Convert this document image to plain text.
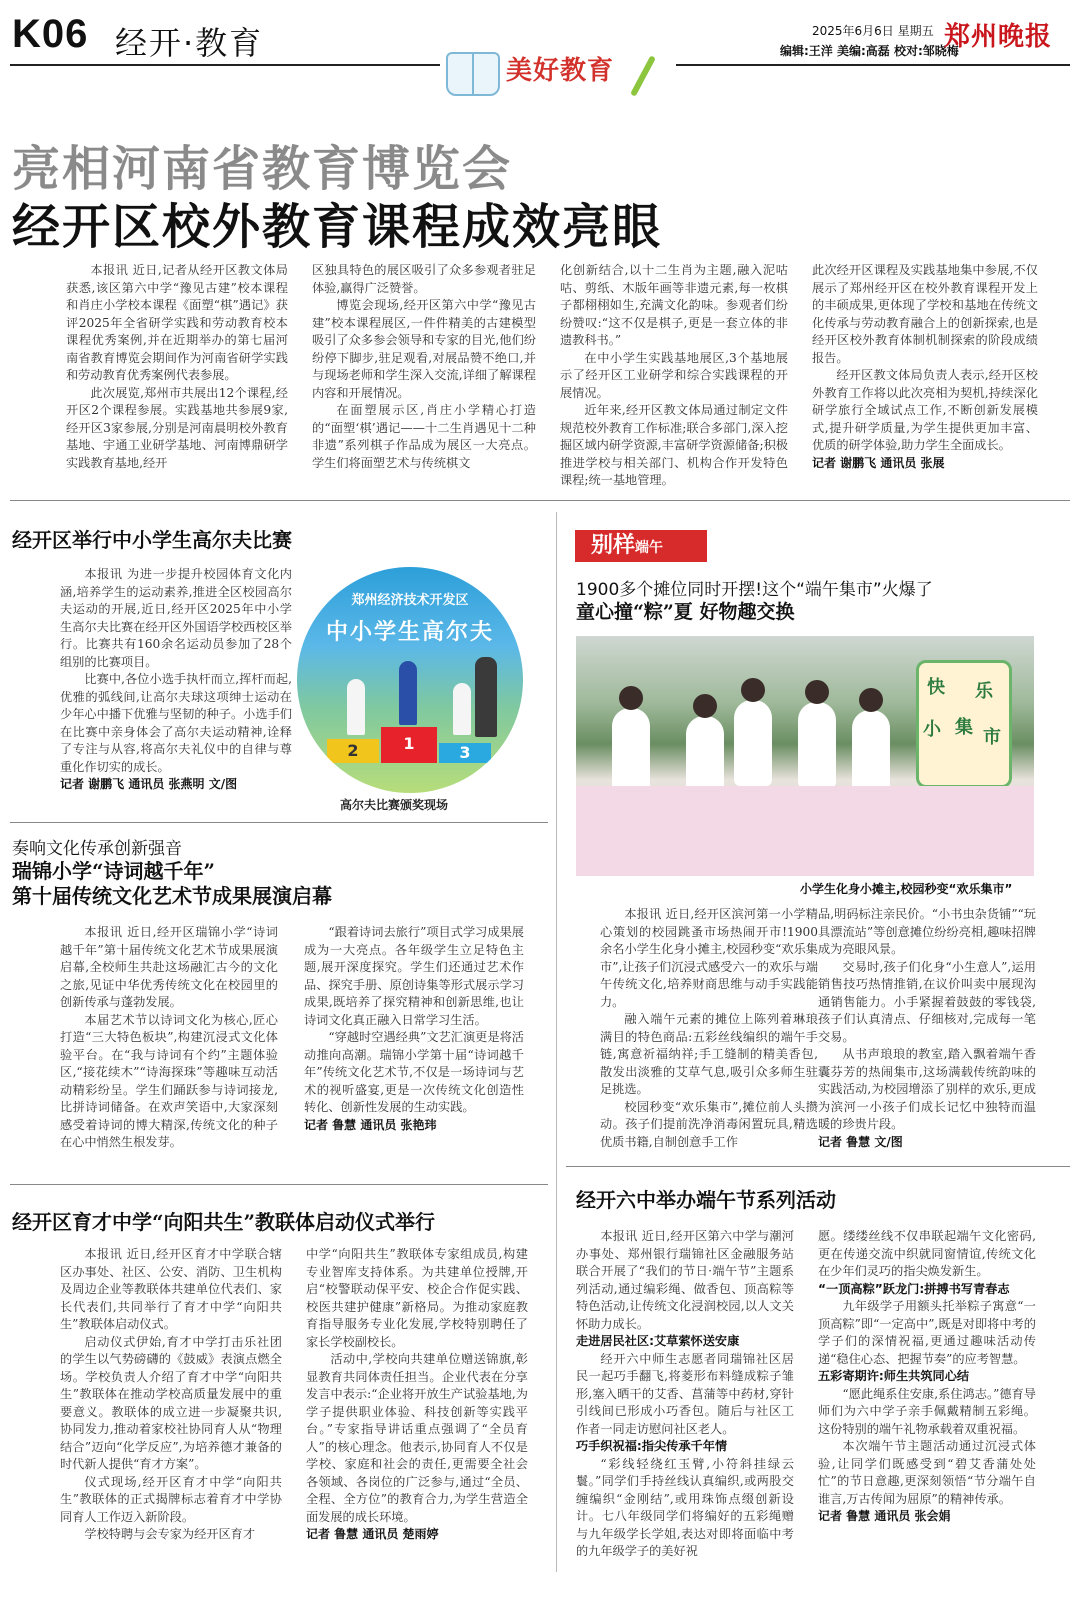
K06 经开·教育
美好教育
2025年6月6日 星期五
编辑:王洋 美编:高磊 校对:邹晓梅
郑州晚报
亮相河南省教育博览会
经开区校外教育课程成效亮眼

本报讯 近日,记者从经开区教文体局获悉,该区第六中学“豫见古建”校本课程和肖庄小学校本课程《面塑“棋”遇记》获评2025年全省研学实践和劳动教育校本课程优秀案例,并在近期举办的第七届河南省教育博览会期间作为河南省研学实践和劳动教育优秀案例代表参展。

此次展览,郑州市共展出12个课程,经开区2个课程参展。实践基地共参展9家,经开区3家参展,分别是河南晨明校外教育基地、宇通工业研学基地、河南博鼎研学实践教育基地,经开

区独具特色的展区吸引了众多参观者驻足体验,赢得广泛赞誉。

博览会现场,经开区第六中学“豫见古建”校本课程展区,一件件精美的古建模型吸引了众多参会领导和专家的目光,他们纷纷停下脚步,驻足观看,对展品赞不绝口,并与现场老师和学生深入交流,详细了解课程内容和开展情况。

在面塑展示区,肖庄小学精心打造的“面塑‘棋’遇记——十二生肖遇见十二种非遗”系列棋子作品成为展区一大亮点。学生们将面塑艺术与传统棋文

化创新结合,以十二生肖为主题,融入泥咕咕、剪纸、木版年画等非遗元素,每一枚棋子都栩栩如生,充满文化韵味。参观者们纷纷赞叹:“这不仅是棋子,更是一套立体的非遗教科书。”

在中小学生实践基地展区,3个基地展示了经开区工业研学和综合实践课程的开展情况。

近年来,经开区教文体局通过制定文件规范校外教育工作标准;联合多部门,深入挖掘区域内研学资源,丰富研学资源储备;积极推进学校与相关部门、机构合作开发特色课程;统一基地管理。

此次经开区课程及实践基地集中参展,不仅展示了郑州经开区在校外教育课程开发上的丰硕成果,更体现了学校和基地在传统文化传承与劳动教育融合上的创新探索,也是经开区校外教育体制机制探索的阶段成绩报告。

经开区教文体局负责人表示,经开区校外教育工作将以此次亮相为契机,持续深化研学旅行全域试点工作,不断创新发展模式,提升研学质量,为学生提供更加丰富、优质的研学体验,助力学生全面成长。

记者 谢鹏飞 通讯员 张展

经开区举行中小学生高尔夫比赛

本报讯 为进一步提升校园体育文化内涵,培养学生的运动素养,推进全区校园高尔夫运动的开展,近日,经开区2025年中小学生高尔夫比赛在经开区外国语学校西校区举行。比赛共有160余名运动员参加了28个组别的比赛项目。

比赛中,各位小选手执杆而立,挥杆而起,优雅的弧线间,让高尔夫球这项绅士运动在少年心中播下优雅与坚韧的种子。小选手们在比赛中亲身体会了高尔夫运动精神,诠释了专注与从容,将高尔夫礼仪中的自律与尊重化作切实的成长。

记者 谢鹏飞 通讯员 张燕明 文/图

郑州经济技术开发区
中小学生高尔夫
2	1	3
高尔夫比赛颁奖现场
奏响文化传承创新强音
瑞锦小学“诗词越千年”
第十届传统文化艺术节成果展演启幕

本报讯 近日,经开区瑞锦小学“诗词越千年”第十届传统文化艺术节成果展演启幕,全校师生共赴这场融汇古今的文化之旅,见证中华优秀传统文化在校园里的创新传承与蓬勃发展。

本届艺术节以诗词文化为核心,匠心打造“三大特色板块”,构建沉浸式文化体验平台。在“我与诗词有个约”主题体验区,“接花续木”“诗海探珠”等趣味互动活动精彩纷呈。学生们踊跃参与诗词接龙,比拼诗词储备。在欢声笑语中,大家深刻感受着诗词的博大精深,传统文化的种子在心中悄然生根发芽。

“跟着诗词去旅行”项目式学习成果展成为一大亮点。各年级学生立足特色主题,展开深度探究。学生们还通过艺术作品、探究手册、原创诗集等形式展示学习成果,既培养了探究精神和创新思维,也让诗词文化真正融入日常学习生活。

“穿越时空遇经典”文艺汇演更是将活动推向高潮。瑞锦小学第十届“诗词越千年”传统文化艺术节,不仅是一场诗词与艺术的视听盛宴,更是一次传统文化创造性转化、创新性发展的生动实践。

记者 鲁慧 通讯员 张艳玮

经开区育才中学“向阳共生”教联体启动仪式举行

本报讯 近日,经开区育才中学联合辖区办事处、社区、公安、消防、卫生机构及周边企业等教联体共建单位代表们、家长代表们,共同举行了育才中学“向阳共生”教联体启动仪式。

启动仪式伊始,育才中学打击乐社团的学生以气势磅礴的《鼓威》表演点燃全场。学校负责人介绍了育才中学“向阳共生”教联体在推动学校高质量发展中的重要意义。教联体的成立进一步凝聚共识,协同发力,推动着家校社协同育人从“物理结合”迈向“化学反应”,为培养德才兼备的时代新人提供“育才方案”。

仪式现场,经开区育才中学“向阳共生”教联体的正式揭牌标志着育才中学协同育人工作迈入新阶段。

学校特聘与会专家为经开区育才

中学“向阳共生”教联体专家组成员,构建专业智库支持体系。为共建单位授牌,开启“校警联动保平安、校企合作促实践、校医共建护健康”新格局。为推动家庭教育指导服务专业化发展,学校特别聘任了家长学校副校长。

活动中,学校向共建单位赠送锦旗,彰显教育共同体责任担当。企业代表在分享发言中表示:“企业将开放生产试验基地,为学子提供职业体验、科技创新等实践平台。”专家指导讲话重点强调了“全员育人”的核心理念。他表示,协同育人不仅是学校、家庭和社会的责任,更需要全社会各领域、各岗位的广泛参与,通过“全员、全程、全方位”的教育合力,为学生营造全面发展的成长环境。

记者 鲁慧 通讯员 楚雨婷

别样端午
1900多个摊位同时开摆!这个“端午集市”火爆了
童心撞“粽”夏 好物趣交换
快 乐
小 集 市
小学生化身小摊主,校园秒变“欢乐集市”

本报讯 近日,经开区滨河第一小学精心策划的校园跳蚤市场热闹开市!1900余名小学生化身小摊主,校园秒变“欢乐集市”,让孩子们沉浸式感受六一的欢乐与端午传统文化,培养财商思维与动手实践能力。

融入端午元素的摊位上陈列着琳琅满目的特色商品:五彩丝线编织的端午手链,寓意祈福纳祥;手工缝制的精美香包,散发出淡雅的艾草气息,吸引众多师生驻足挑选。

校园秒变“欢乐集市”,摊位前人头攒动。孩子们提前洗净消毒闲置玩具,精选优质书籍,自制创意手工作

品,明码标注亲民价。“小书虫杂货铺”“玩具漂流站”等创意摊位纷纷亮相,趣味招牌成为亮眼风景。

交易时,孩子们化身“小生意人”,运用销售技巧热情推销,在议价叫卖中展现沟通销售能力。小手紧握着鼓鼓的零钱袋,孩子们认真清点、仔细核对,完成每一笔交易。

从书声琅琅的教室,踏入飘着端午香囊芬芳的热闹集市,这场满载传统韵味的实践活动,为校园增添了别样的欢乐,更成为滨河一小孩子们成长记忆中独特而温暖的珍贵片段。

记者 鲁慧 文/图

经开六中举办端午节系列活动

本报讯 近日,经开区第六中学与潮河办事处、郑州银行瑞锦社区金融服务站联合开展了“我们的节日·端午节”主题系列活动,通过编彩绳、做香包、顶高粽等特色活动,让传统文化浸润校园,以人文关怀助力成长。

走进居民社区:艾草萦怀送安康

经开六中师生志愿者同瑞锦社区居民一起巧手翻飞,将菱形布料缝成粽子雏形,塞入晒干的艾香、菖蒲等中药材,穿针引线间已形成小巧香包。随后与社区工作者一同走访慰问社区老人。

巧手织祝福:指尖传承千年情

“彩线轻绕红玉臂,小符斜挂绿云鬟。”同学们手持丝线认真编织,或两股交缠编织“金刚结”,或用珠饰点缀创新设计。七八年级同学们将编好的五彩绳赠与九年级学长学姐,表达对即将面临中考的九年级学子的美好祝

愿。缕缕丝线不仅串联起端午文化密码,更在传递交流中织就同窗情谊,传统文化在少年们灵巧的指尖焕发新生。

“一顶高粽”跃龙门:拼搏书写青春志

九年级学子用额头托举粽子寓意“一顶高粽”即“一定高中”,既是对即将中考的学子们的深情祝福,更通过趣味活动传递“稳住心态、把握节奏”的应考智慧。

五彩寄期许:师生共筑同心结

“愿此绳系住安康,系住鸿志。”德育导师们为六中学子亲手佩戴精制五彩绳。这份特别的端午礼物承载着双重祝福。

本次端午节主题活动通过沉浸式体验,让同学们既感受到“碧艾香蒲处处忙”的节日意趣,更深刻领悟“节分端午自谁言,万古传闻为屈原”的精神传承。

记者 鲁慧 通讯员 张会娟
